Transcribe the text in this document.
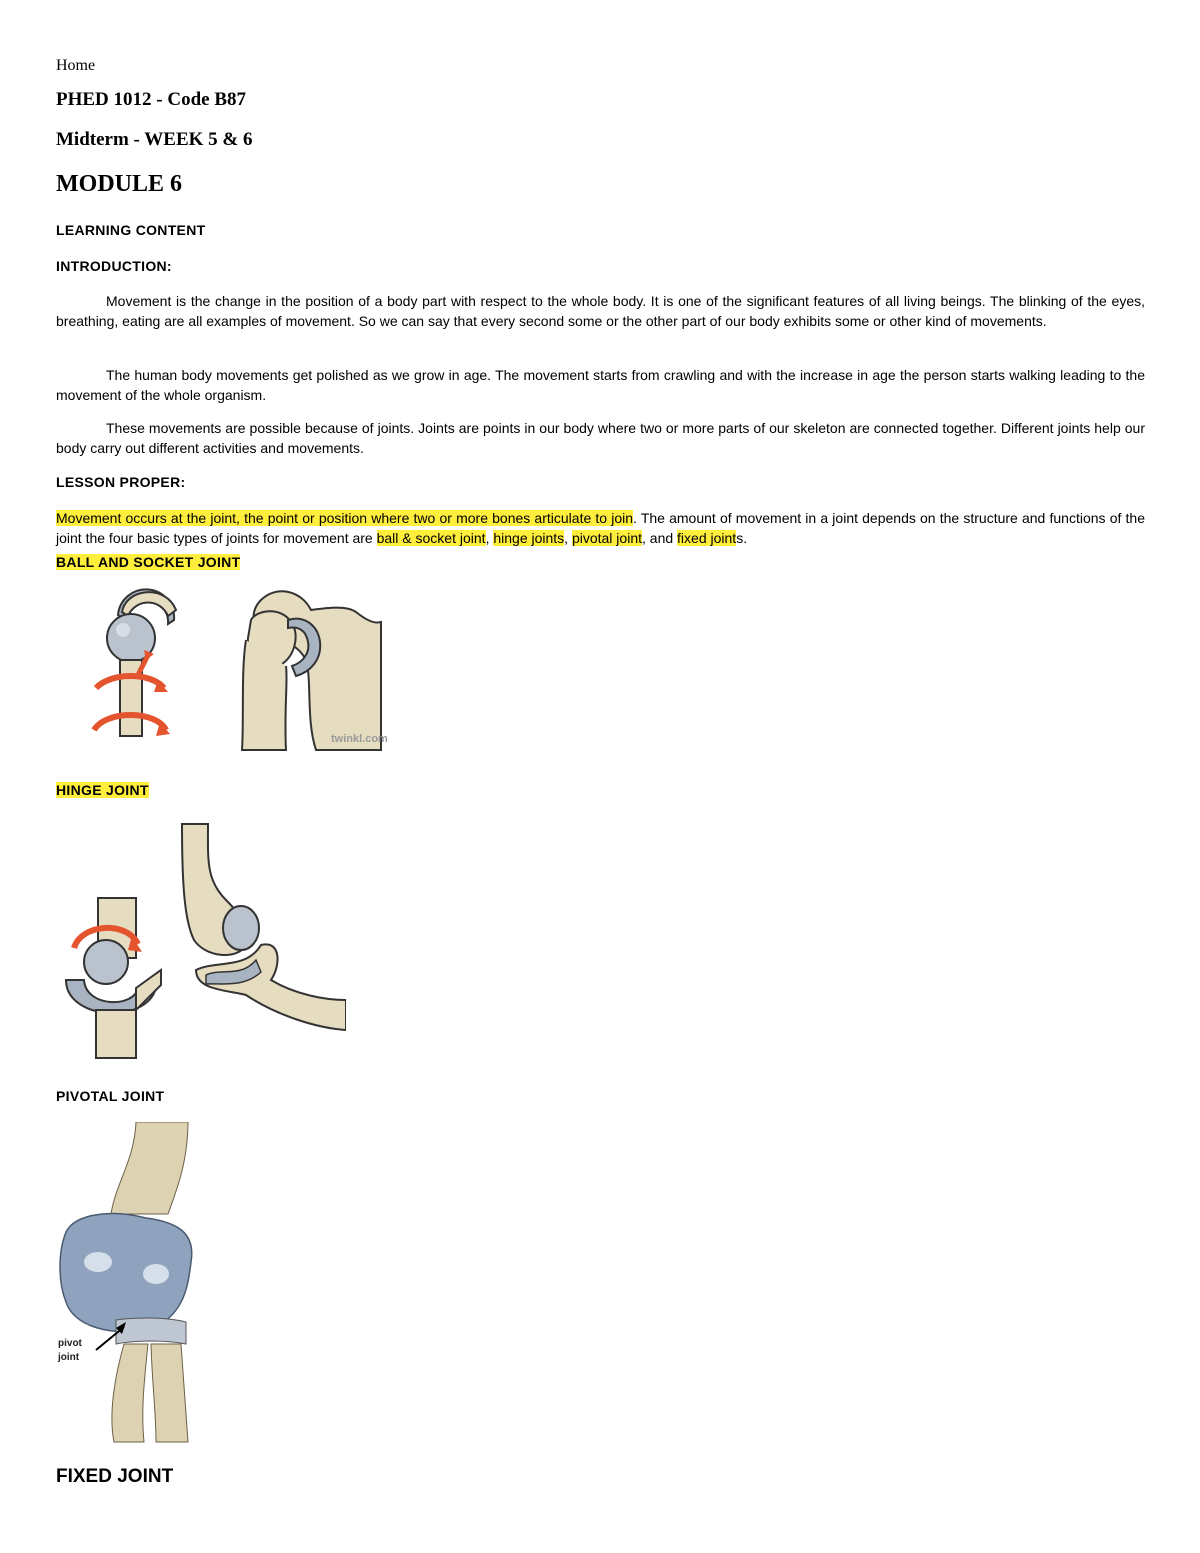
Home
PHED 1012 - Code B87
Midterm - WEEK 5 & 6
MODULE 6
LEARNING CONTENT
INTRODUCTION:
Movement is the change in the position of a body part with respect to the whole body. It is one of the significant features of all living beings. The blinking of the eyes, breathing, eating are all examples of movement. So we can say that every second some or the other part of our body exhibits some or other kind of movements.
The human body movements get polished as we grow in age. The movement starts from crawling and with the increase in age the person starts walking leading to the movement of the whole organism.
These movements are possible because of joints. Joints are points in our body where two or more parts of our skeleton are connected together. Different joints help our body carry out different activities and movements.
LESSON PROPER:
Movement occurs at the joint, the point or position where two or more bones articulate to join. The amount of movement in a joint depends on the structure and functions of the joint the four basic types of joints for movement are ball & socket joint, hinge joints, pivotal joint, and fixed joints.
BALL AND SOCKET JOINT
twinkl.com
HINGE JOINT
PIVOTAL JOINT
pivot
joint
FIXED JOINT
